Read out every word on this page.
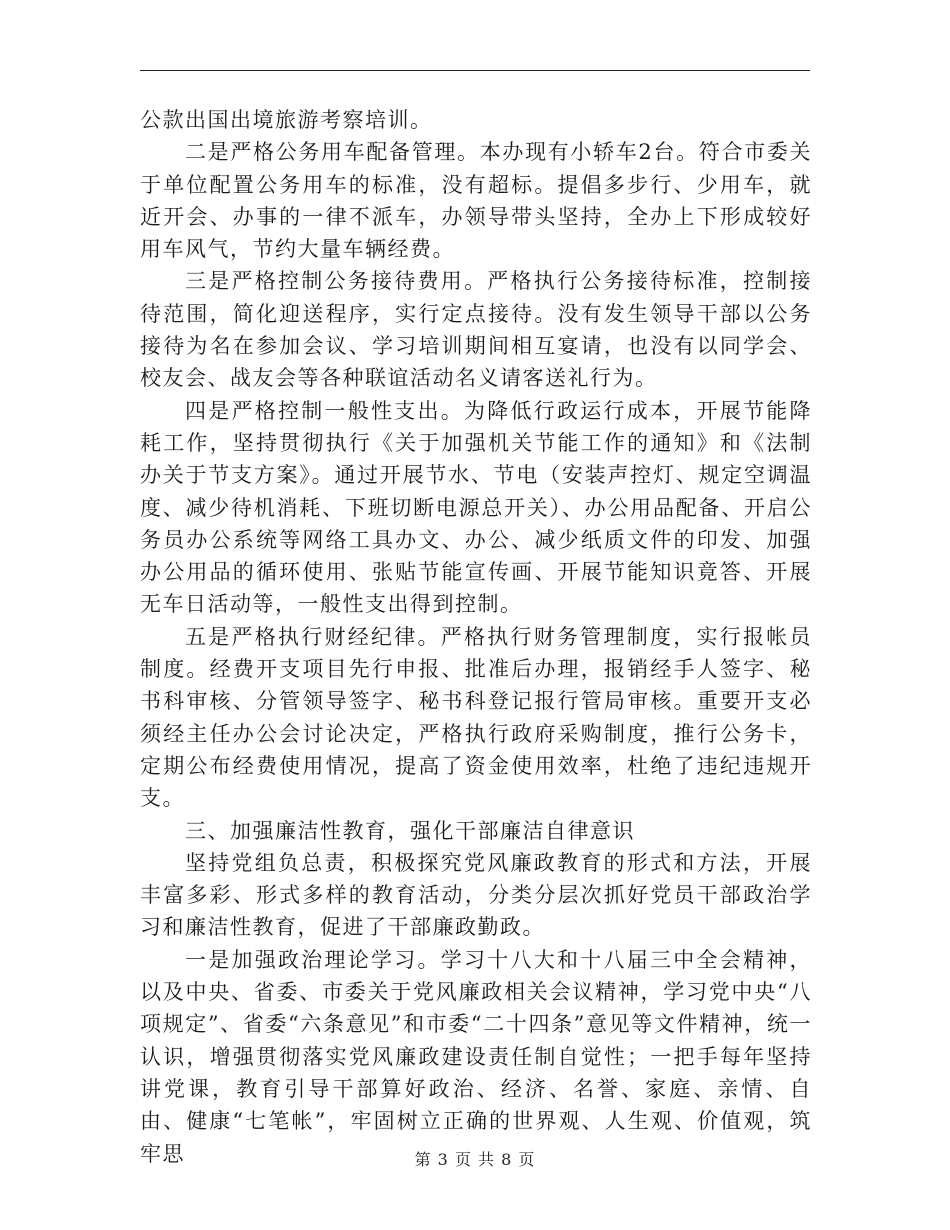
公款出国出境旅游考察培训。

二是严格公务用车配备管理。本办现有小轿车2台。符合市委关于单位配置公务用车的标准，没有超标。提倡多步行、少用车，就近开会、办事的一律不派车，办领导带头坚持，全办上下形成较好用车风气，节约大量车辆经费。

三是严格控制公务接待费用。严格执行公务接待标准，控制接待范围，简化迎送程序，实行定点接待。没有发生领导干部以公务接待为名在参加会议、学习培训期间相互宴请，也没有以同学会、校友会、战友会等各种联谊活动名义请客送礼行为。

四是严格控制一般性支出。为降低行政运行成本，开展节能降耗工作，坚持贯彻执行《关于加强机关节能工作的通知》和《法制办关于节支方案》。通过开展节水、节电（安装声控灯、规定空调温度、减少待机消耗、下班切断电源总开关）、办公用品配备、开启公务员办公系统等网络工具办文、办公、减少纸质文件的印发、加强办公用品的循环使用、张贴节能宣传画、开展节能知识竟答、开展无车日活动等，一般性支出得到控制。

五是严格执行财经纪律。严格执行财务管理制度，实行报帐员制度。经费开支项目先行申报、批准后办理，报销经手人签字、秘书科审核、分管领导签字、秘书科登记报行管局审核。重要开支必须经主任办公会讨论决定，严格执行政府采购制度，推行公务卡，定期公布经费使用情况，提高了资金使用效率，杜绝了违纪违规开支。

三、加强廉洁性教育，强化干部廉洁自律意识

坚持党组负总责，积极探究党风廉政教育的形式和方法，开展丰富多彩、形式多样的教育活动，分类分层次抓好党员干部政治学习和廉洁性教育，促进了干部廉政勤政。

一是加强政治理论学习。学习十八大和十八届三中全会精神，以及中央、省委、市委关于党风廉政相关会议精神，学习党中央“八项规定”、省委“六条意见”和市委“二十四条”意见等文件精神，统一认识，增强贯彻落实党风廉政建设责任制自觉性；一把手每年坚持讲党课，教育引导干部算好政治、经济、名誉、家庭、亲情、自由、健康“七笔帐”，牢固树立正确的世界观、人生观、价值观，筑牢思	第 3 页 共 8 页
